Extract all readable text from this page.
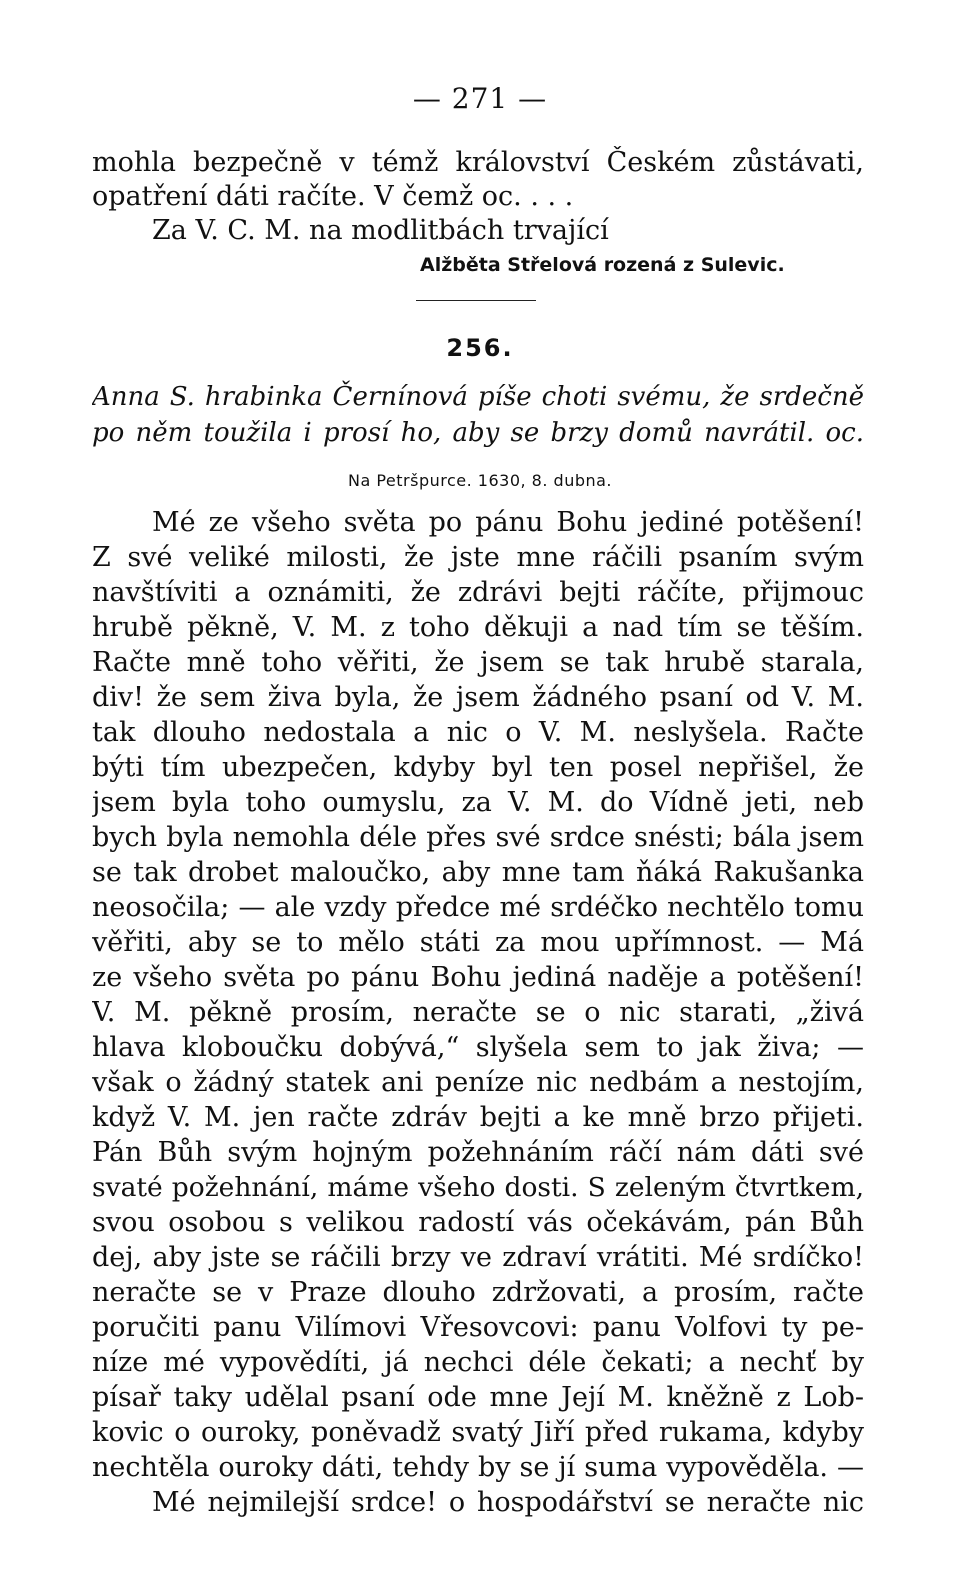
— 271 —
mohla bezpečně v témž království Českém zůstávati,
opatření dáti račíte. V čemž oc. . . .
Za V. C. M. na modlitbách trvající
Alžběta Střelová rozená z Sulevic.
256.
Anna S. hrabinka Černínová píše choti svému, že srdečně
po něm toužila i prosí ho, aby se brzy domů navrátil. oc.
Na Petršpurce. 1630, 8. dubna.
Mé ze všeho světa po pánu Bohu jediné potěšení!
Z své veliké milosti, že jste mne ráčili psaním svým
navštíviti a oznámiti, že zdrávi bejti ráčíte, přijmouc
hrubě pěkně, V. M. z toho děkuji a nad tím se těším.
Račte mně toho věřiti, že jsem se tak hrubě starala,
div! že sem živa byla, že jsem žádného psaní od V. M.
tak dlouho nedostala a nic o V. M. neslyšela. Račte
býti tím ubezpečen, kdyby byl ten posel nepřišel, že
jsem byla toho oumyslu, za V. M. do Vídně jeti, neb
bych byla nemohla déle přes své srdce snésti; bála jsem
se tak drobet maloučko, aby mne tam ňáká Rakušanka
neosočila; — ale vzdy předce mé srdéčko nechtělo tomu
věřiti, aby se to mělo státi za mou upřímnost. — Má
ze všeho světa po pánu Bohu jediná naděje a potěšení!
V. M. pěkně prosím, neračte se o nic starati, „živá
hlava kloboučku dobývá,“ slyšela sem to jak živa; —
však o žádný statek ani peníze nic nedbám a nestojím,
když V. M. jen račte zdráv bejti a ke mně brzo přijeti.
Pán Bůh svým hojným požehnáním ráčí nám dáti své
svaté požehnání, máme všeho dosti. S zeleným čtvrtkem,
svou osobou s velikou radostí vás očekávám, pán Bůh
dej, aby jste se ráčili brzy ve zdraví vrátiti. Mé srdíčko!
neračte se v Praze dlouho zdržovati, a prosím, račte
poručiti panu Vilímovi Vřesovcovi: panu Volfovi ty pe-
níze mé vypovědíti, já nechci déle čekati; a nechť by
písař taky udělal psaní ode mne Její M. kněžně z Lob-
kovic o ouroky, poněvadž svatý Jiří před rukama, kdyby
nechtěla ouroky dáti, tehdy by se jí suma vypověděla. —
Mé nejmilejší srdce! o hospodářství se neračte nic
